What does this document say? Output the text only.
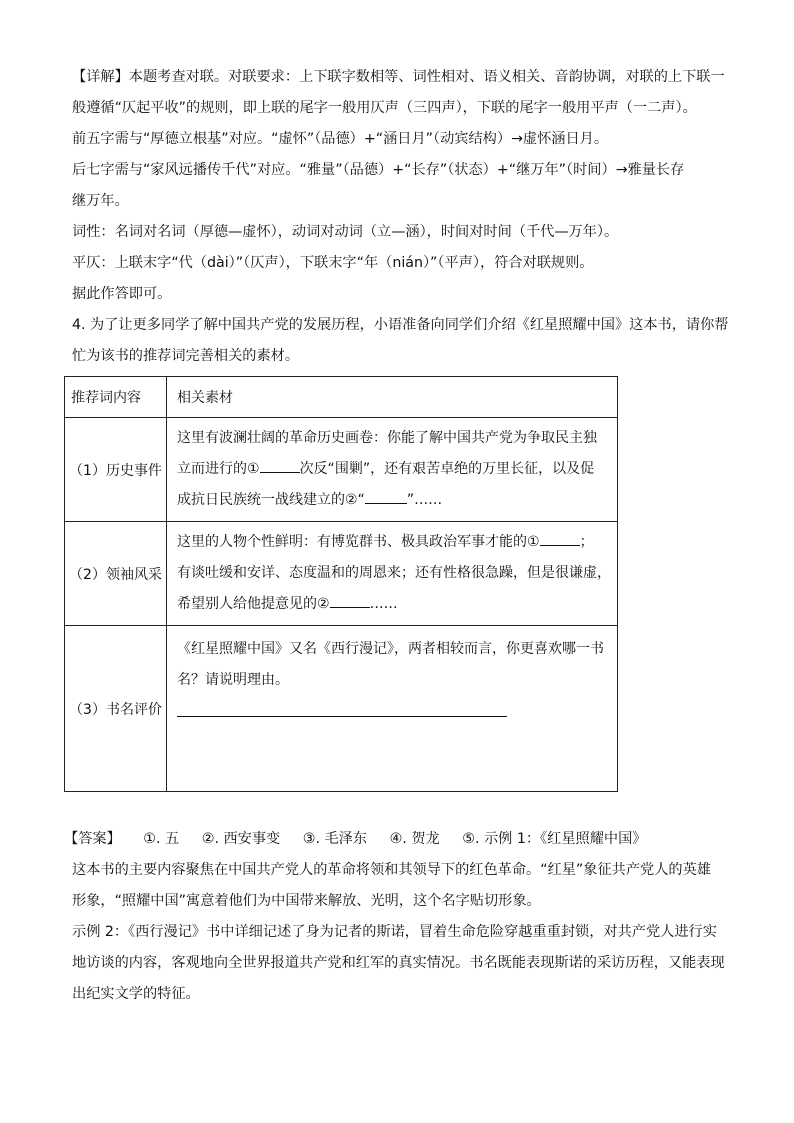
【详解】本题考查对联。对联要求：上下联字数相等、词性相对、语义相关、音韵协调，对联的上下联一
般遵循“仄起平收”的规则，即上联的尾字一般用仄声（三四声），下联的尾字一般用平声（一二声）。
前五字需与“厚德立根基”对应。“虚怀”（品德）+“涵日月”（动宾结构）→虚怀涵日月。
后七字需与“家风远播传千代”对应。“雅量”（品德）+“长存”（状态）+“继万年”（时间）→雅量长存
继万年。
词性：名词对名词（厚德—虚怀），动词对动词（立—涵），时间对时间（千代—万年）。
平仄：上联末字“代（dài）”（仄声），下联末字“年（nián）”（平声），符合对联规则。
据此作答即可。
4. 为了让更多同学了解中国共产党的发展历程，小语准备向同学们介绍《红星照耀中国》这本书，请你帮
忙为该书的推荐词完善相关的素材。
推荐词内容	相关素材
（1）历史事件	这里有波澜壮阔的革命历史画卷：你能了解中国共产党为争取民主独
立而进行的① 次反“围剿”，还有艰苦卓绝的万里长征，以及促
成抗日民族统一战线建立的②“ ”……

（2）领袖风采	这里的人物个性鲜明：有博览群书、极具政治军事才能的① ；
有谈吐缓和安详、态度温和的周恩来；还有性格很急躁，但是很谦虚，
希望别人给他提意见的② ……

（3）书名评价	《红星照耀中国》又名《西行漫记》，两者相较而言，你更喜欢哪一书
名？请说明理由。
【答案】 ①. 五 ②. 西安事变 ③. 毛泽东 ④. 贺龙 ⑤. 示例 1：《红星照耀中国》
这本书的主要内容聚焦在中国共产党人的革命将领和其领导下的红色革命。“红星”象征共产党人的英雄
形象，“照耀中国”寓意着他们为中国带来解放、光明，这个名字贴切形象。
示例 2：《西行漫记》书中详细记述了身为记者的斯诺，冒着生命危险穿越重重封锁，对共产党人进行实
地访谈的内容，客观地向全世界报道共产党和红军的真实情况。书名既能表现斯诺的采访历程，又能表现
出纪实文学的特征。
